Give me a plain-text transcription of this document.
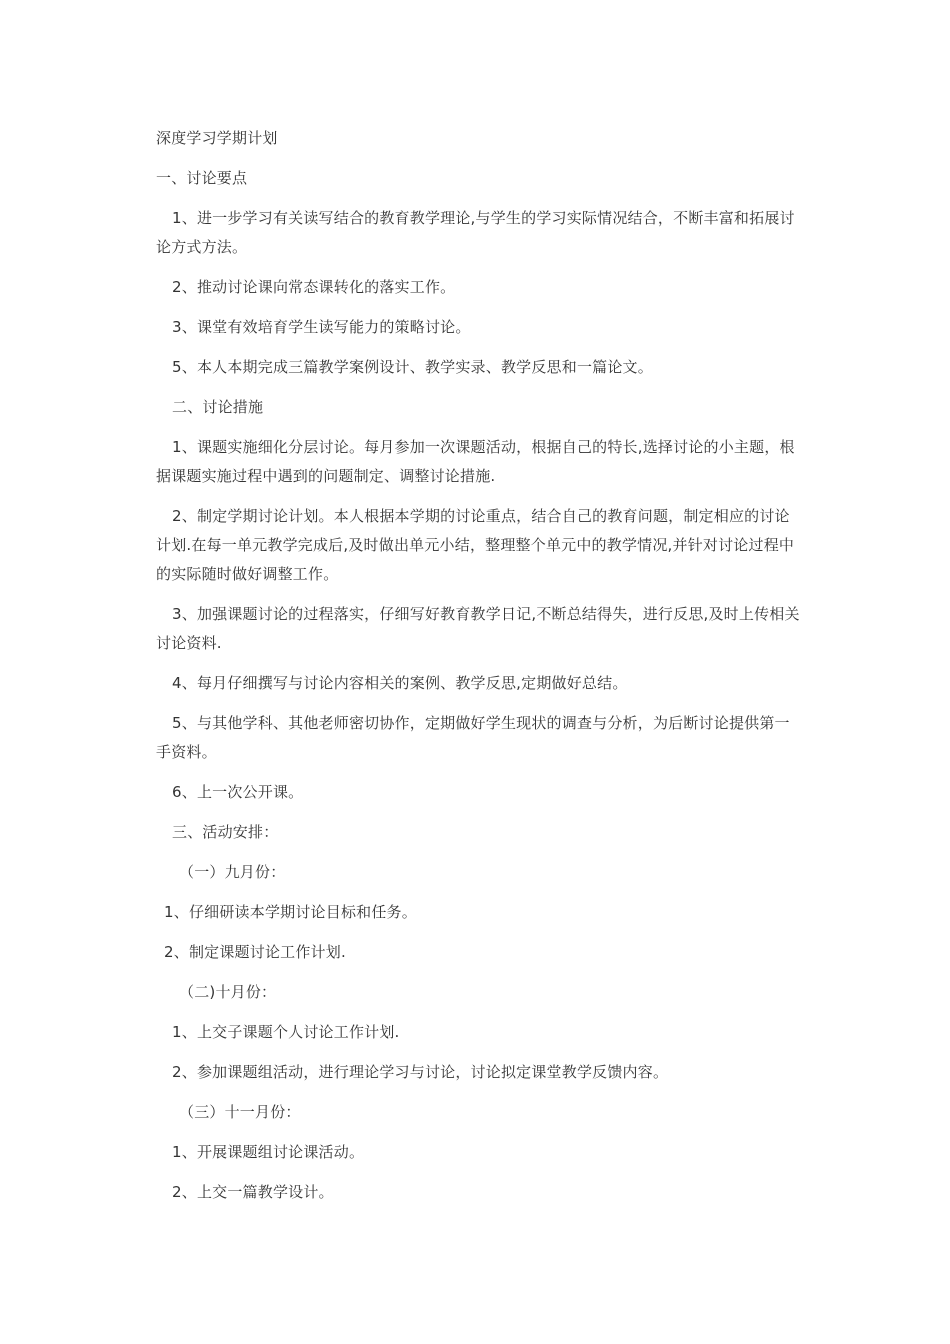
深度学习学期计划

一、讨论要点

1、进一步学习有关读写结合的教育教学理论,与学生的学习实际情况结合，不断丰富和拓展讨论方式方法。

2、推动讨论课向常态课转化的落实工作。

3、课堂有效培育学生读写能力的策略讨论。

5、本人本期完成三篇教学案例设计、教学实录、教学反思和一篇论文。

二、讨论措施

1、课题实施细化分层讨论。每月参加一次课题活动，根据自己的特长,选择讨论的小主题，根据课题实施过程中遇到的问题制定、调整讨论措施.

2、制定学期讨论计划。本人根据本学期的讨论重点，结合自己的教育问题，制定相应的讨论计划.在每一单元教学完成后,及时做出单元小结，整理整个单元中的教学情况,并针对讨论过程中的实际随时做好调整工作。

3、加强课题讨论的过程落实，仔细写好教育教学日记,不断总结得失，进行反思,及时上传相关讨论资料.

4、每月仔细撰写与讨论内容相关的案例、教学反思,定期做好总结。

5、与其他学科、其他老师密切协作，定期做好学生现状的调查与分析，为后断讨论提供第一手资料。

6、上一次公开课。

三、活动安排：

（一）九月份：

1、仔细研读本学期讨论目标和任务。

2、制定课题讨论工作计划.

（二)十月份：

1、上交子课题个人讨论工作计划.

2、参加课题组活动，进行理论学习与讨论，讨论拟定课堂教学反馈内容。

（三）十一月份：

1、开展课题组讨论课活动。

2、上交一篇教学设计。
